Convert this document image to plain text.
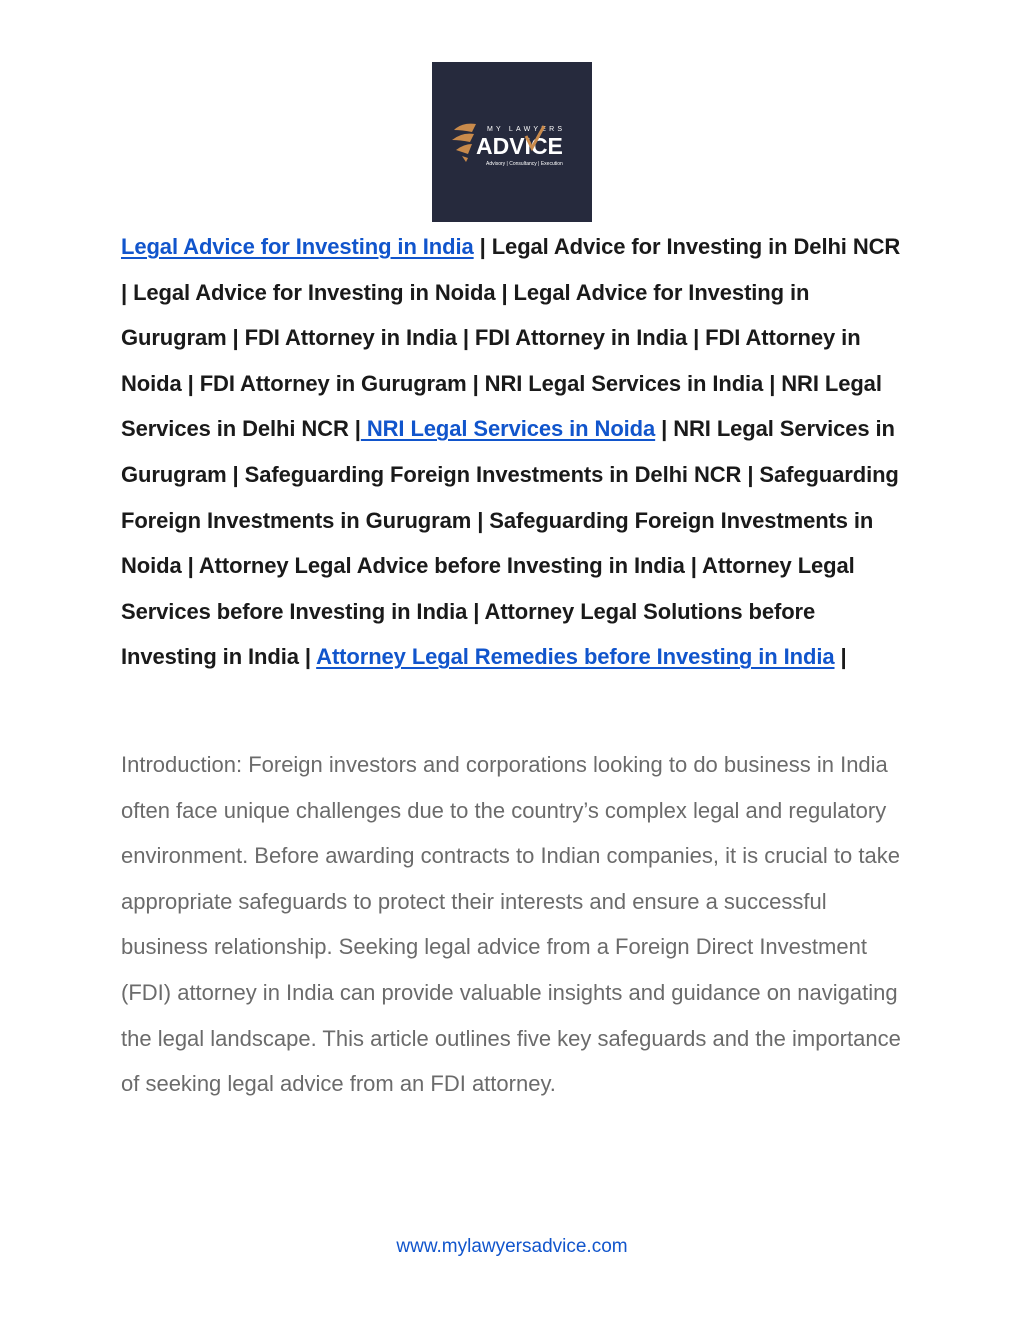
MY LAWYERS
ADVICE
Advisory | Consultancy | Execution
Legal Advice for Investing in India | Legal Advice for Investing in Delhi NCR | Legal Advice for Investing in Noida | Legal Advice for Investing in Gurugram | FDI Attorney in India | FDI Attorney in India | FDI Attorney in Noida | FDI Attorney in Gurugram | NRI Legal Services in India | NRI Legal Services in Delhi NCR | NRI Legal Services in Noida | NRI Legal Services in Gurugram | Safeguarding Foreign Investments in Delhi NCR | Safeguarding Foreign Investments in Gurugram | Safeguarding Foreign Investments in Noida | Attorney Legal Advice before Investing in India | Attorney Legal Services before Investing in India | Attorney Legal Solutions before Investing in India | Attorney Legal Remedies before Investing in India |

Introduction: Foreign investors and corporations looking to do business in India often face unique challenges due to the country’s complex legal and regulatory environment. Before awarding contracts to Indian companies, it is crucial to take appropriate safeguards to protect their interests and ensure a successful business relationship. Seeking legal advice from a Foreign Direct Investment (FDI) attorney in India can provide valuable insights and guidance on navigating the legal landscape. This article outlines five key safeguards and the importance of seeking legal advice from an FDI attorney.

www.mylawyersadvice.com
